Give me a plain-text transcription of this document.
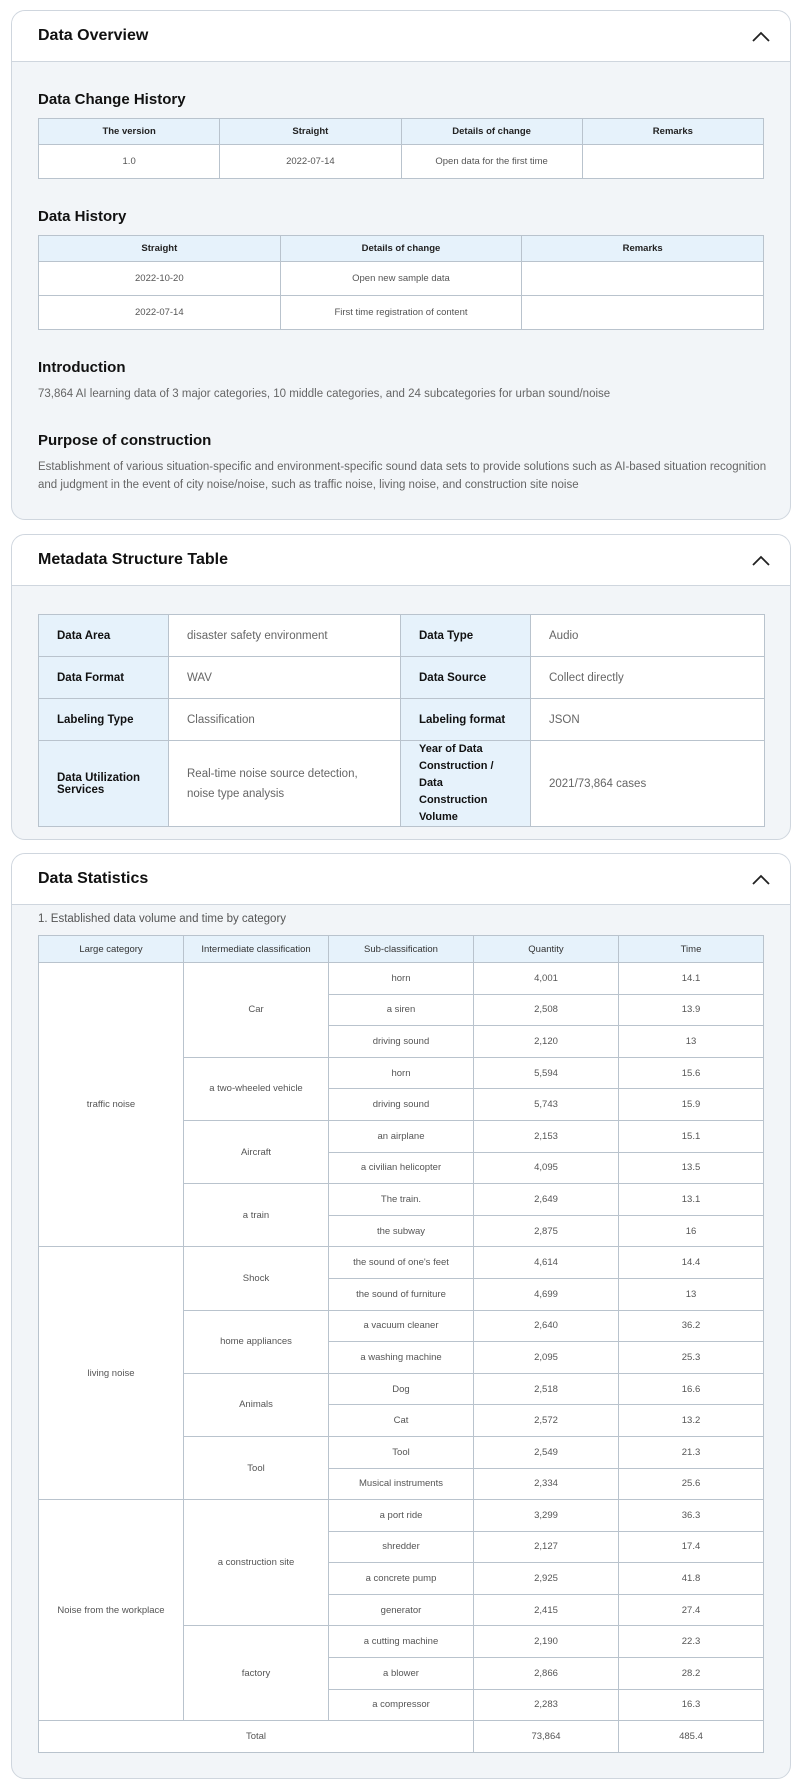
Data Overview
Data Change History
The version	Straight	Details of change	Remarks
1.0	2022-07-14	Open data for the first time	
Data History
Straight	Details of change	Remarks
2022-10-20	Open new sample data	
2022-07-14	First time registration of content	
Introduction
73,864 AI learning data of 3 major categories, 10 middle categories, and 24 subcategories for urban sound/noise
Purpose of construction
Establishment of various situation-specific and environment-specific sound data sets to provide solutions such as AI-based situation recognition and judgment in the event of city noise/noise, such as traffic noise, living noise, and construction site noise
Metadata Structure Table
Data Area	disaster safety environment	Data Type	Audio
Data Format	WAV	Data Source	Collect directly
Labeling Type	Classification	Labeling format	JSON
Data Utilization Services	Real-time noise source detection, noise type analysis	Year of Data Construction / Data Construction Volume	2021/73,864 cases
Data Statistics
1. Established data volume and time by category
Large category	Intermediate classification	Sub-classification	Quantity	Time
traffic noise	Car	horn	4,001	14.1
		a siren	2,508	13.9
		driving sound	2,120	13
	a two-wheeled vehicle	horn	5,594	15.6
		driving sound	5,743	15.9
	Aircraft	an airplane	2,153	15.1
		a civilian helicopter	4,095	13.5
	a train	The train.	2,649	13.1
		the subway	2,875	16
living noise	Shock	the sound of one's feet	4,614	14.4
		the sound of furniture	4,699	13
	home appliances	a vacuum cleaner	2,640	36.2
		a washing machine	2,095	25.3
	Animals	Dog	2,518	16.6
		Cat	2,572	13.2
	Tool	Tool	2,549	21.3
		Musical instruments	2,334	25.6
Noise from the workplace	a construction site	a port ride	3,299	36.3
		shredder	2,127	17.4
		a concrete pump	2,925	41.8
		generator	2,415	27.4
	factory	a cutting machine	2,190	22.3
		a blower	2,866	28.2
		a compressor	2,283	16.3
Total			73,864	485.4
